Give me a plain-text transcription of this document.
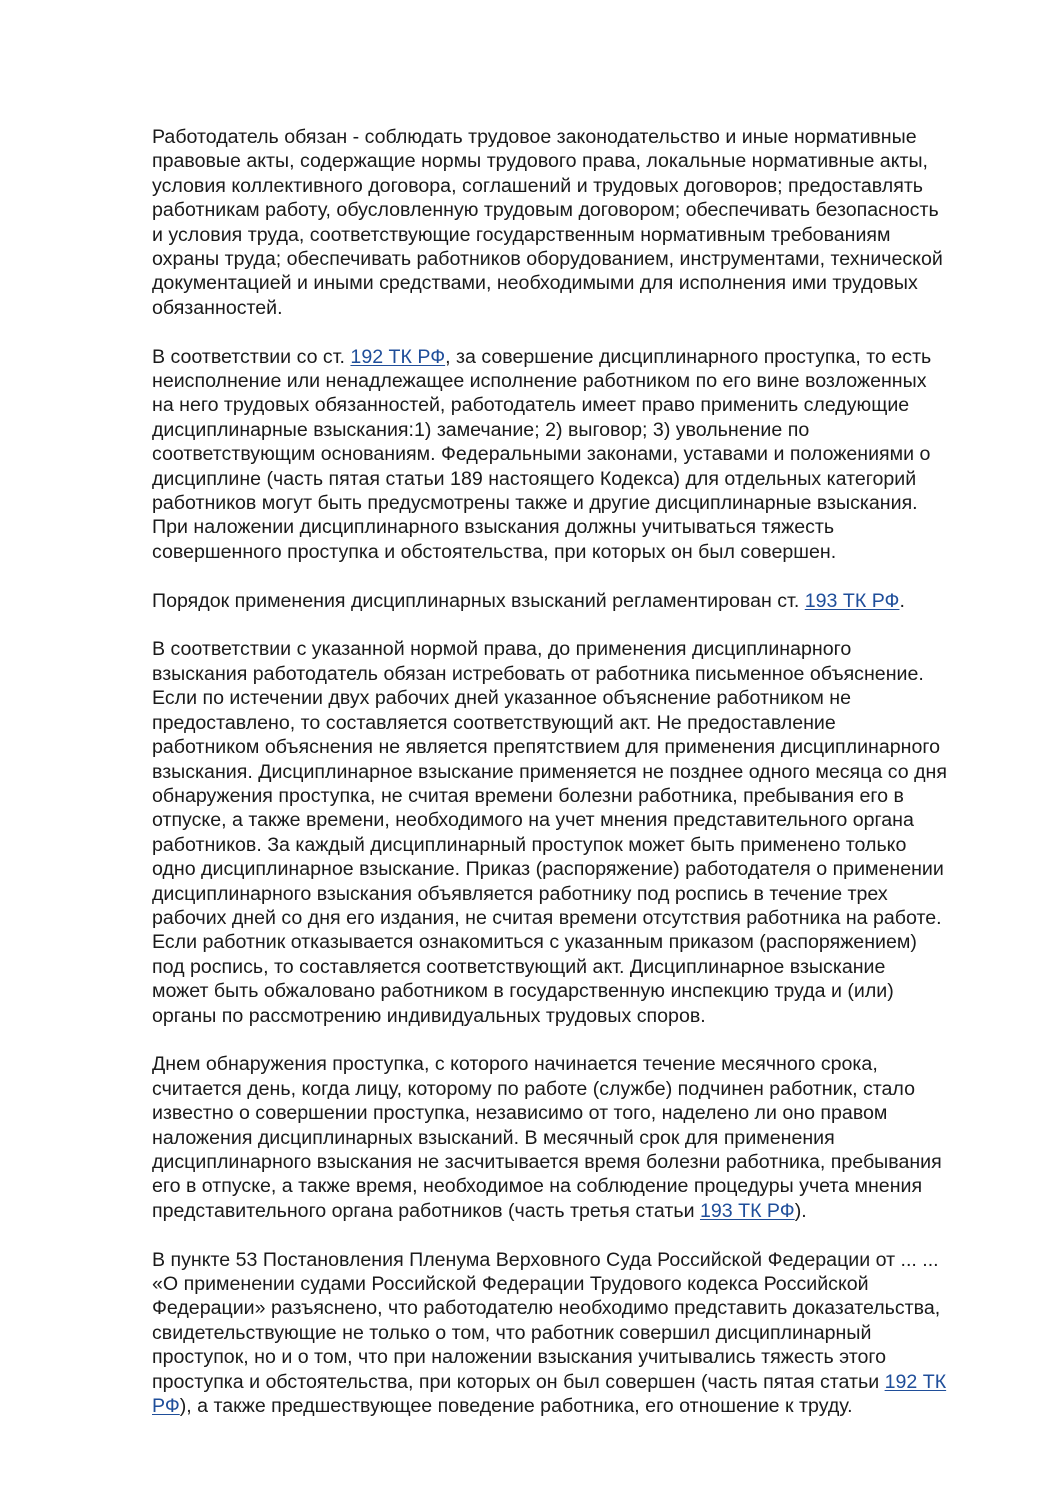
Работодатель обязан - соблюдать трудовое законодательство и иные нормативные
правовые акты, содержащие нормы трудового права, локальные нормативные акты,
условия коллективного договора, соглашений и трудовых договоров; предоставлять
работникам работу, обусловленную трудовым договором; обеспечивать безопасность
и условия труда, соответствующие государственным нормативным требованиям
охраны труда; обеспечивать работников оборудованием, инструментами, технической
документацией и иными средствами, необходимыми для исполнения ими трудовых
обязанностей.

В соответствии со ст. 192 ТК РФ, за совершение дисциплинарного проступка, то есть
неисполнение или ненадлежащее исполнение работником по его вине возложенных
на него трудовых обязанностей, работодатель имеет право применить следующие
дисциплинарные взыскания:1) замечание; 2) выговор; 3) увольнение по
соответствующим основаниям. Федеральными законами, уставами и положениями о
дисциплине (часть пятая статьи 189 настоящего Кодекса) для отдельных категорий
работников могут быть предусмотрены также и другие дисциплинарные взыскания.
При наложении дисциплинарного взыскания должны учитываться тяжесть
совершенного проступка и обстоятельства, при которых он был совершен.

Порядок применения дисциплинарных взысканий регламентирован ст. 193 ТК РФ.

В соответствии с указанной нормой права, до применения дисциплинарного
взыскания работодатель обязан истребовать от работника письменное объяснение.
Если по истечении двух рабочих дней указанное объяснение работником не
предоставлено, то составляется соответствующий акт. Не предоставление
работником объяснения не является препятствием для применения дисциплинарного
взыскания. Дисциплинарное взыскание применяется не позднее одного месяца со дня
обнаружения проступка, не считая времени болезни работника, пребывания его в
отпуске, а также времени, необходимого на учет мнения представительного органа
работников. За каждый дисциплинарный проступок может быть применено только
одно дисциплинарное взыскание. Приказ (распоряжение) работодателя о применении
дисциплинарного взыскания объявляется работнику под роспись в течение трех
рабочих дней со дня его издания, не считая времени отсутствия работника на работе.
Если работник отказывается ознакомиться с указанным приказом (распоряжением)
под роспись, то составляется соответствующий акт. Дисциплинарное взыскание
может быть обжаловано работником в государственную инспекцию труда и (или)
органы по рассмотрению индивидуальных трудовых споров.

Днем обнаружения проступка, с которого начинается течение месячного срока,
считается день, когда лицу, которому по работе (службе) подчинен работник, стало
известно о совершении проступка, независимо от того, наделено ли оно правом
наложения дисциплинарных взысканий. В месячный срок для применения
дисциплинарного взыскания не засчитывается время болезни работника, пребывания
его в отпуске, а также время, необходимое на соблюдение процедуры учета мнения
представительного органа работников (часть третья статьи 193 ТК РФ).

В пункте 53 Постановления Пленума Верховного Суда Российской Федерации от ... ...
«О применении судами Российской Федерации Трудового кодекса Российской
Федерации» разъяснено, что работодателю необходимо представить доказательства,
свидетельствующие не только о том, что работник совершил дисциплинарный
проступок, но и о том, что при наложении взыскания учитывались тяжесть этого
проступка и обстоятельства, при которых он был совершен (часть пятая статьи 192 ТК
РФ), а также предшествующее поведение работника, его отношение к труду.
